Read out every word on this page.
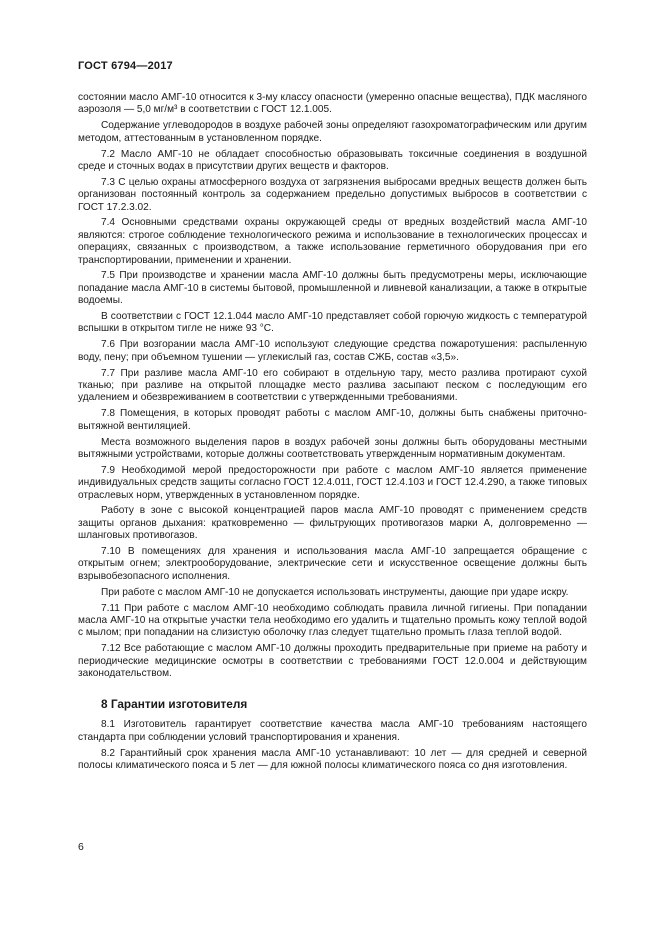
ГОСТ 6794—2017

состоянии масло АМГ-10 относится к 3-му классу опасности (умеренно опасные вещества), ПДК масляного аэрозоля — 5,0 мг/м³ в соответствии с ГОСТ 12.1.005.

Содержание углеводородов в воздухе рабочей зоны определяют газохроматографическим или другим методом, аттестованным в установленном порядке.

7.2 Масло АМГ-10 не обладает способностью образовывать токсичные соединения в воздушной среде и сточных водах в присутствии других веществ и факторов.

7.3 С целью охраны атмосферного воздуха от загрязнения выбросами вредных веществ должен быть организован постоянный контроль за содержанием предельно допустимых выбросов в соответствии с ГОСТ 17.2.3.02.

7.4 Основными средствами охраны окружающей среды от вредных воздействий масла АМГ-10 являются: строгое соблюдение технологического режима и использование в технологических процессах и операциях, связанных с производством, а также использование герметичного оборудования при его транспортировании, применении и хранении.

7.5 При производстве и хранении масла АМГ-10 должны быть предусмотрены меры, исключающие попадание масла АМГ-10 в системы бытовой, промышленной и ливневой канализации, а также в открытые водоемы.

В соответствии с ГОСТ 12.1.044 масло АМГ-10 представляет собой горючую жидкость с температурой вспышки в открытом тигле не ниже 93 °С.

7.6 При возгорании масла АМГ-10 используют следующие средства пожаротушения: распыленную воду, пену; при объемном тушении — углекислый газ, состав СЖБ, состав «3,5».

7.7 При разливе масла АМГ-10 его собирают в отдельную тару, место разлива протирают сухой тканью; при разливе на открытой площадке место разлива засыпают песком с последующим его удалением и обезвреживанием в соответствии с утвержденными требованиями.

7.8 Помещения, в которых проводят работы с маслом АМГ-10, должны быть снабжены приточно-вытяжной вентиляцией.

Места возможного выделения паров в воздух рабочей зоны должны быть оборудованы местными вытяжными устройствами, которые должны соответствовать утвержденным нормативным документам.

7.9 Необходимой мерой предосторожности при работе с маслом АМГ-10 является применение индивидуальных средств защиты согласно ГОСТ 12.4.011, ГОСТ 12.4.103 и ГОСТ 12.4.290, а также типовых отраслевых норм, утвержденных в установленном порядке.

Работу в зоне с высокой концентрацией паров масла АМГ-10 проводят с применением средств защиты органов дыхания: кратковременно — фильтрующих противогазов марки А, долговременно — шланговых противогазов.

7.10 В помещениях для хранения и использования масла АМГ-10 запрещается обращение с открытым огнем; электрооборудование, электрические сети и искусственное освещение должны быть взрывобезопасного исполнения.

При работе с маслом АМГ-10 не допускается использовать инструменты, дающие при ударе искру.

7.11 При работе с маслом АМГ-10 необходимо соблюдать правила личной гигиены. При попадании масла АМГ-10 на открытые участки тела необходимо его удалить и тщательно промыть кожу теплой водой с мылом; при попадании на слизистую оболочку глаз следует тщательно промыть глаза теплой водой.

7.12 Все работающие с маслом АМГ-10 должны проходить предварительные при приеме на работу и периодические медицинские осмотры в соответствии с требованиями ГОСТ 12.0.004 и действующим законодательством.

8 Гарантии изготовителя

8.1 Изготовитель гарантирует соответствие качества масла АМГ-10 требованиям настоящего стандарта при соблюдении условий транспортирования и хранения.

8.2 Гарантийный срок хранения масла АМГ-10 устанавливают: 10 лет — для средней и северной полосы климатического пояса и 5 лет — для южной полосы климатического пояса со дня изготовления.

6
